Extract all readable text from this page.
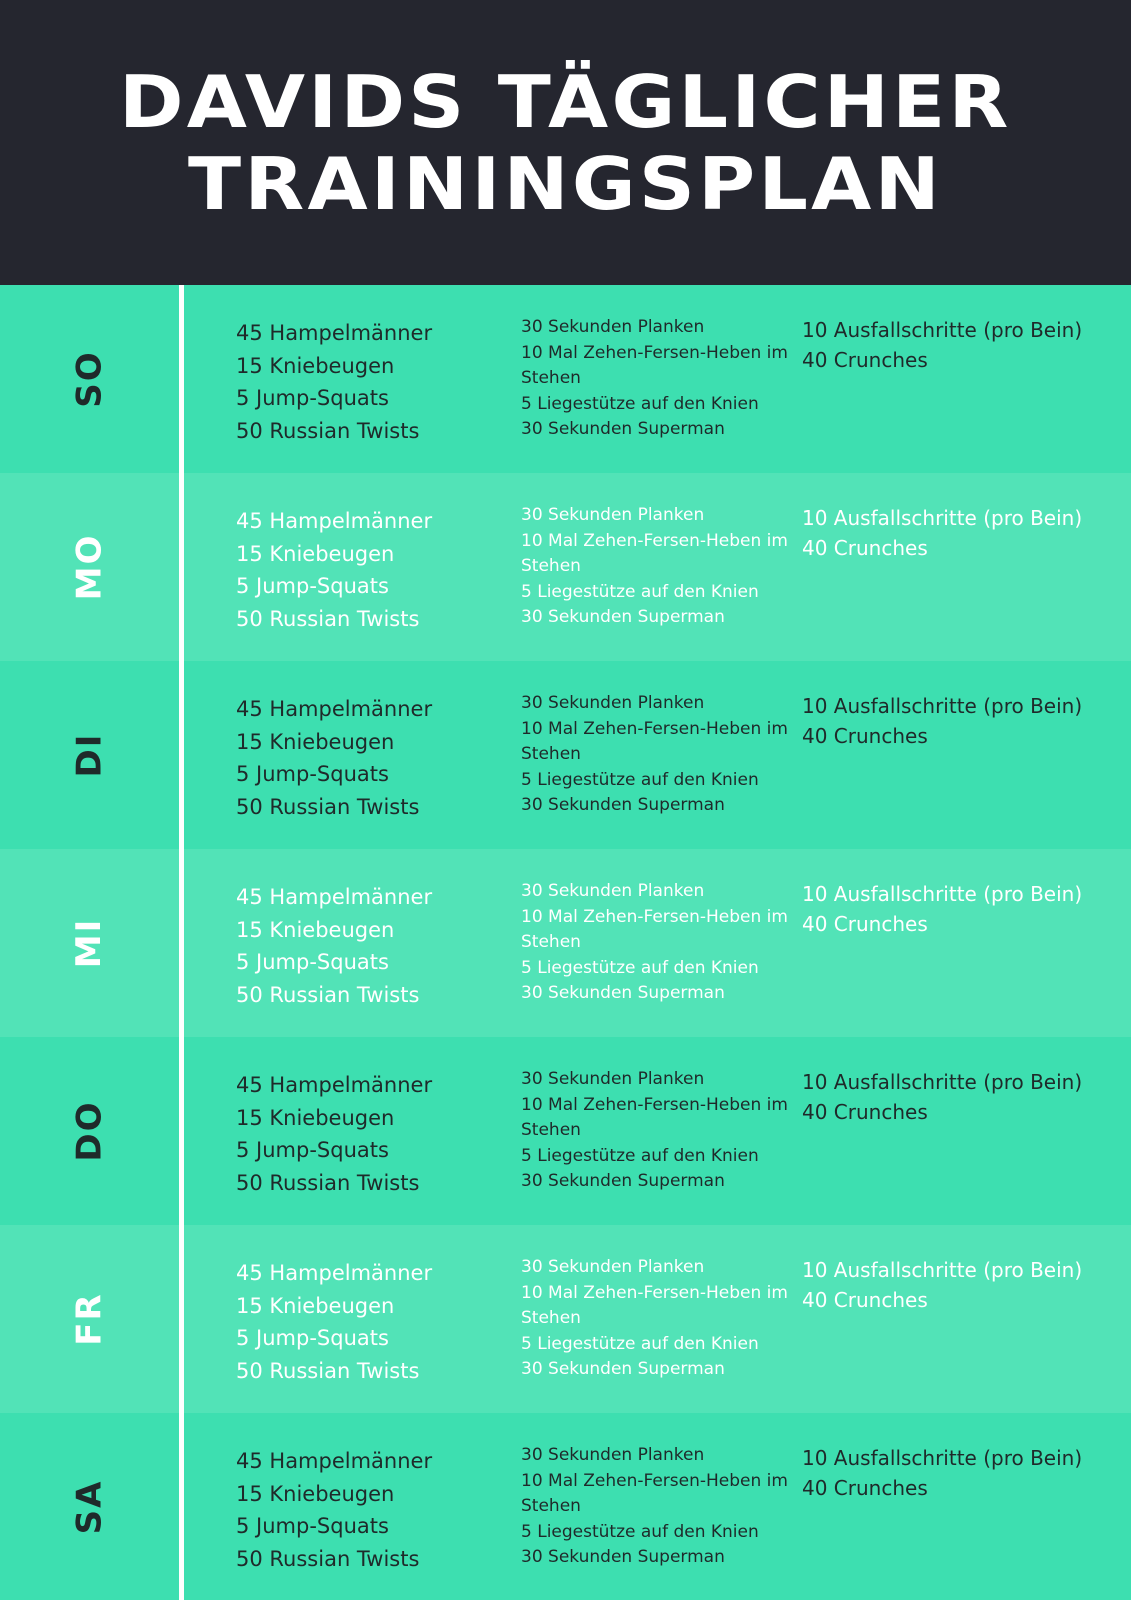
DAVIDS TÄGLICHER
TRAININGSPLAN
SO
45 Hampelmänner
15 Kniebeugen
5 Jump-Squats
50 Russian Twists
30 Sekunden Planken
10 Mal Zehen-Fersen-Heben im Stehen
5 Liegestütze auf den Knien
30 Sekunden Superman
10 Ausfallschritte (pro Bein)
40 Crunches
MO
45 Hampelmänner
15 Kniebeugen
5 Jump-Squats
50 Russian Twists
30 Sekunden Planken
10 Mal Zehen-Fersen-Heben im Stehen
5 Liegestütze auf den Knien
30 Sekunden Superman
10 Ausfallschritte (pro Bein)
40 Crunches
DI
45 Hampelmänner
15 Kniebeugen
5 Jump-Squats
50 Russian Twists
30 Sekunden Planken
10 Mal Zehen-Fersen-Heben im Stehen
5 Liegestütze auf den Knien
30 Sekunden Superman
10 Ausfallschritte (pro Bein)
40 Crunches
MI
45 Hampelmänner
15 Kniebeugen
5 Jump-Squats
50 Russian Twists
30 Sekunden Planken
10 Mal Zehen-Fersen-Heben im Stehen
5 Liegestütze auf den Knien
30 Sekunden Superman
10 Ausfallschritte (pro Bein)
40 Crunches
DO
45 Hampelmänner
15 Kniebeugen
5 Jump-Squats
50 Russian Twists
30 Sekunden Planken
10 Mal Zehen-Fersen-Heben im Stehen
5 Liegestütze auf den Knien
30 Sekunden Superman
10 Ausfallschritte (pro Bein)
40 Crunches
FR
45 Hampelmänner
15 Kniebeugen
5 Jump-Squats
50 Russian Twists
30 Sekunden Planken
10 Mal Zehen-Fersen-Heben im Stehen
5 Liegestütze auf den Knien
30 Sekunden Superman
10 Ausfallschritte (pro Bein)
40 Crunches
SA
45 Hampelmänner
15 Kniebeugen
5 Jump-Squats
50 Russian Twists
30 Sekunden Planken
10 Mal Zehen-Fersen-Heben im Stehen
5 Liegestütze auf den Knien
30 Sekunden Superman
10 Ausfallschritte (pro Bein)
40 Crunches
